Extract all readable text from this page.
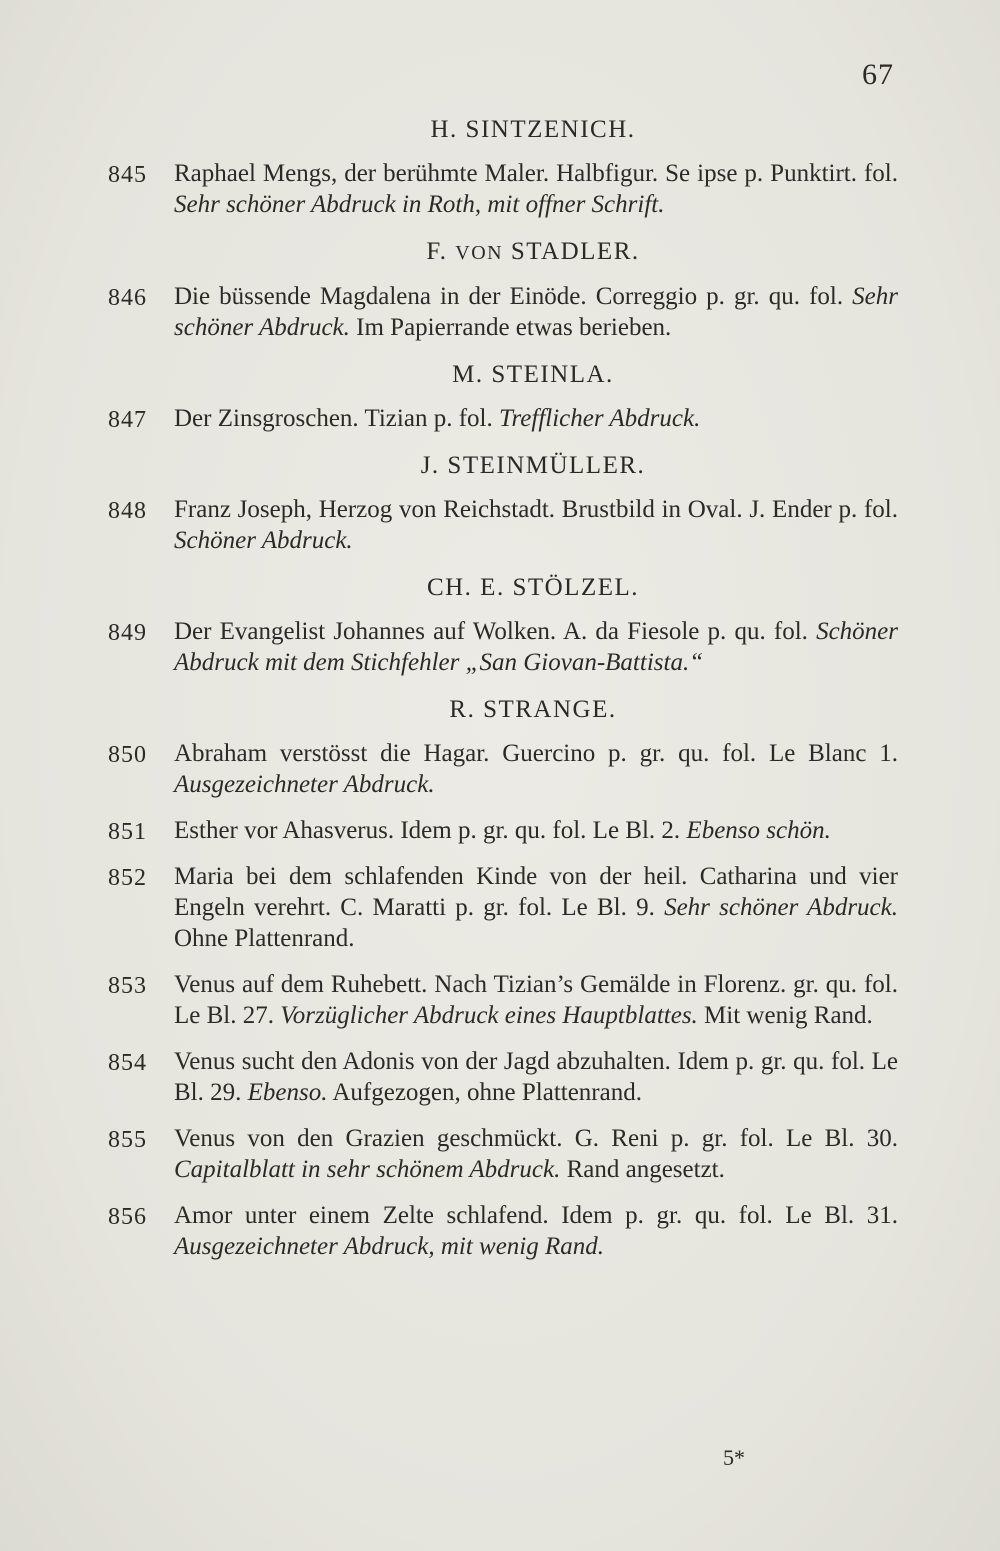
67
H. SINTZENICH.
845 Raphael Mengs, der berühmte Maler. Halbfigur. Se ipse p. Punktirt. fol. Sehr schöner Abdruck in Roth, mit offner Schrift.
F. VON STADLER.
846 Die büssende Magdalena in der Einöde. Correggio p. gr. qu. fol. Sehr schöner Abdruck. Im Papierrande etwas berieben.
M. STEINLA.
847 Der Zinsgroschen. Tizian p. fol. Trefflicher Abdruck.
J. STEINMÜLLER.
848 Franz Joseph, Herzog von Reichstadt. Brustbild in Oval. J. Ender p. fol. Schöner Abdruck.
CH. E. STÖLZEL.
849 Der Evangelist Johannes auf Wolken. A. da Fiesole p. qu. fol. Schöner Abdruck mit dem Stichfehler „San Giovan-Battista.“
R. STRANGE.
850 Abraham verstösst die Hagar. Guercino p. gr. qu. fol. Le Blanc 1. Ausgezeichneter Abdruck.
851 Esther vor Ahasverus. Idem p. gr. qu. fol. Le Bl. 2. Ebenso schön.
852 Maria bei dem schlafenden Kinde von der heil. Catharina und vier Engeln verehrt. C. Maratti p. gr. fol. Le Bl. 9. Sehr schöner Abdruck. Ohne Plattenrand.
853 Venus auf dem Ruhebett. Nach Tizian’s Gemälde in Florenz. gr. qu. fol. Le Bl. 27. Vorzüglicher Abdruck eines Hauptblattes. Mit wenig Rand.
854 Venus sucht den Adonis von der Jagd abzuhalten. Idem p. gr. qu. fol. Le Bl. 29. Ebenso. Aufgezogen, ohne Plattenrand.
855 Venus von den Grazien geschmückt. G. Reni p. gr. fol. Le Bl. 30. Capitalblatt in sehr schönem Abdruck. Rand angesetzt.
856 Amor unter einem Zelte schlafend. Idem p. gr. qu. fol. Le Bl. 31. Ausgezeichneter Abdruck, mit wenig Rand.
5*
